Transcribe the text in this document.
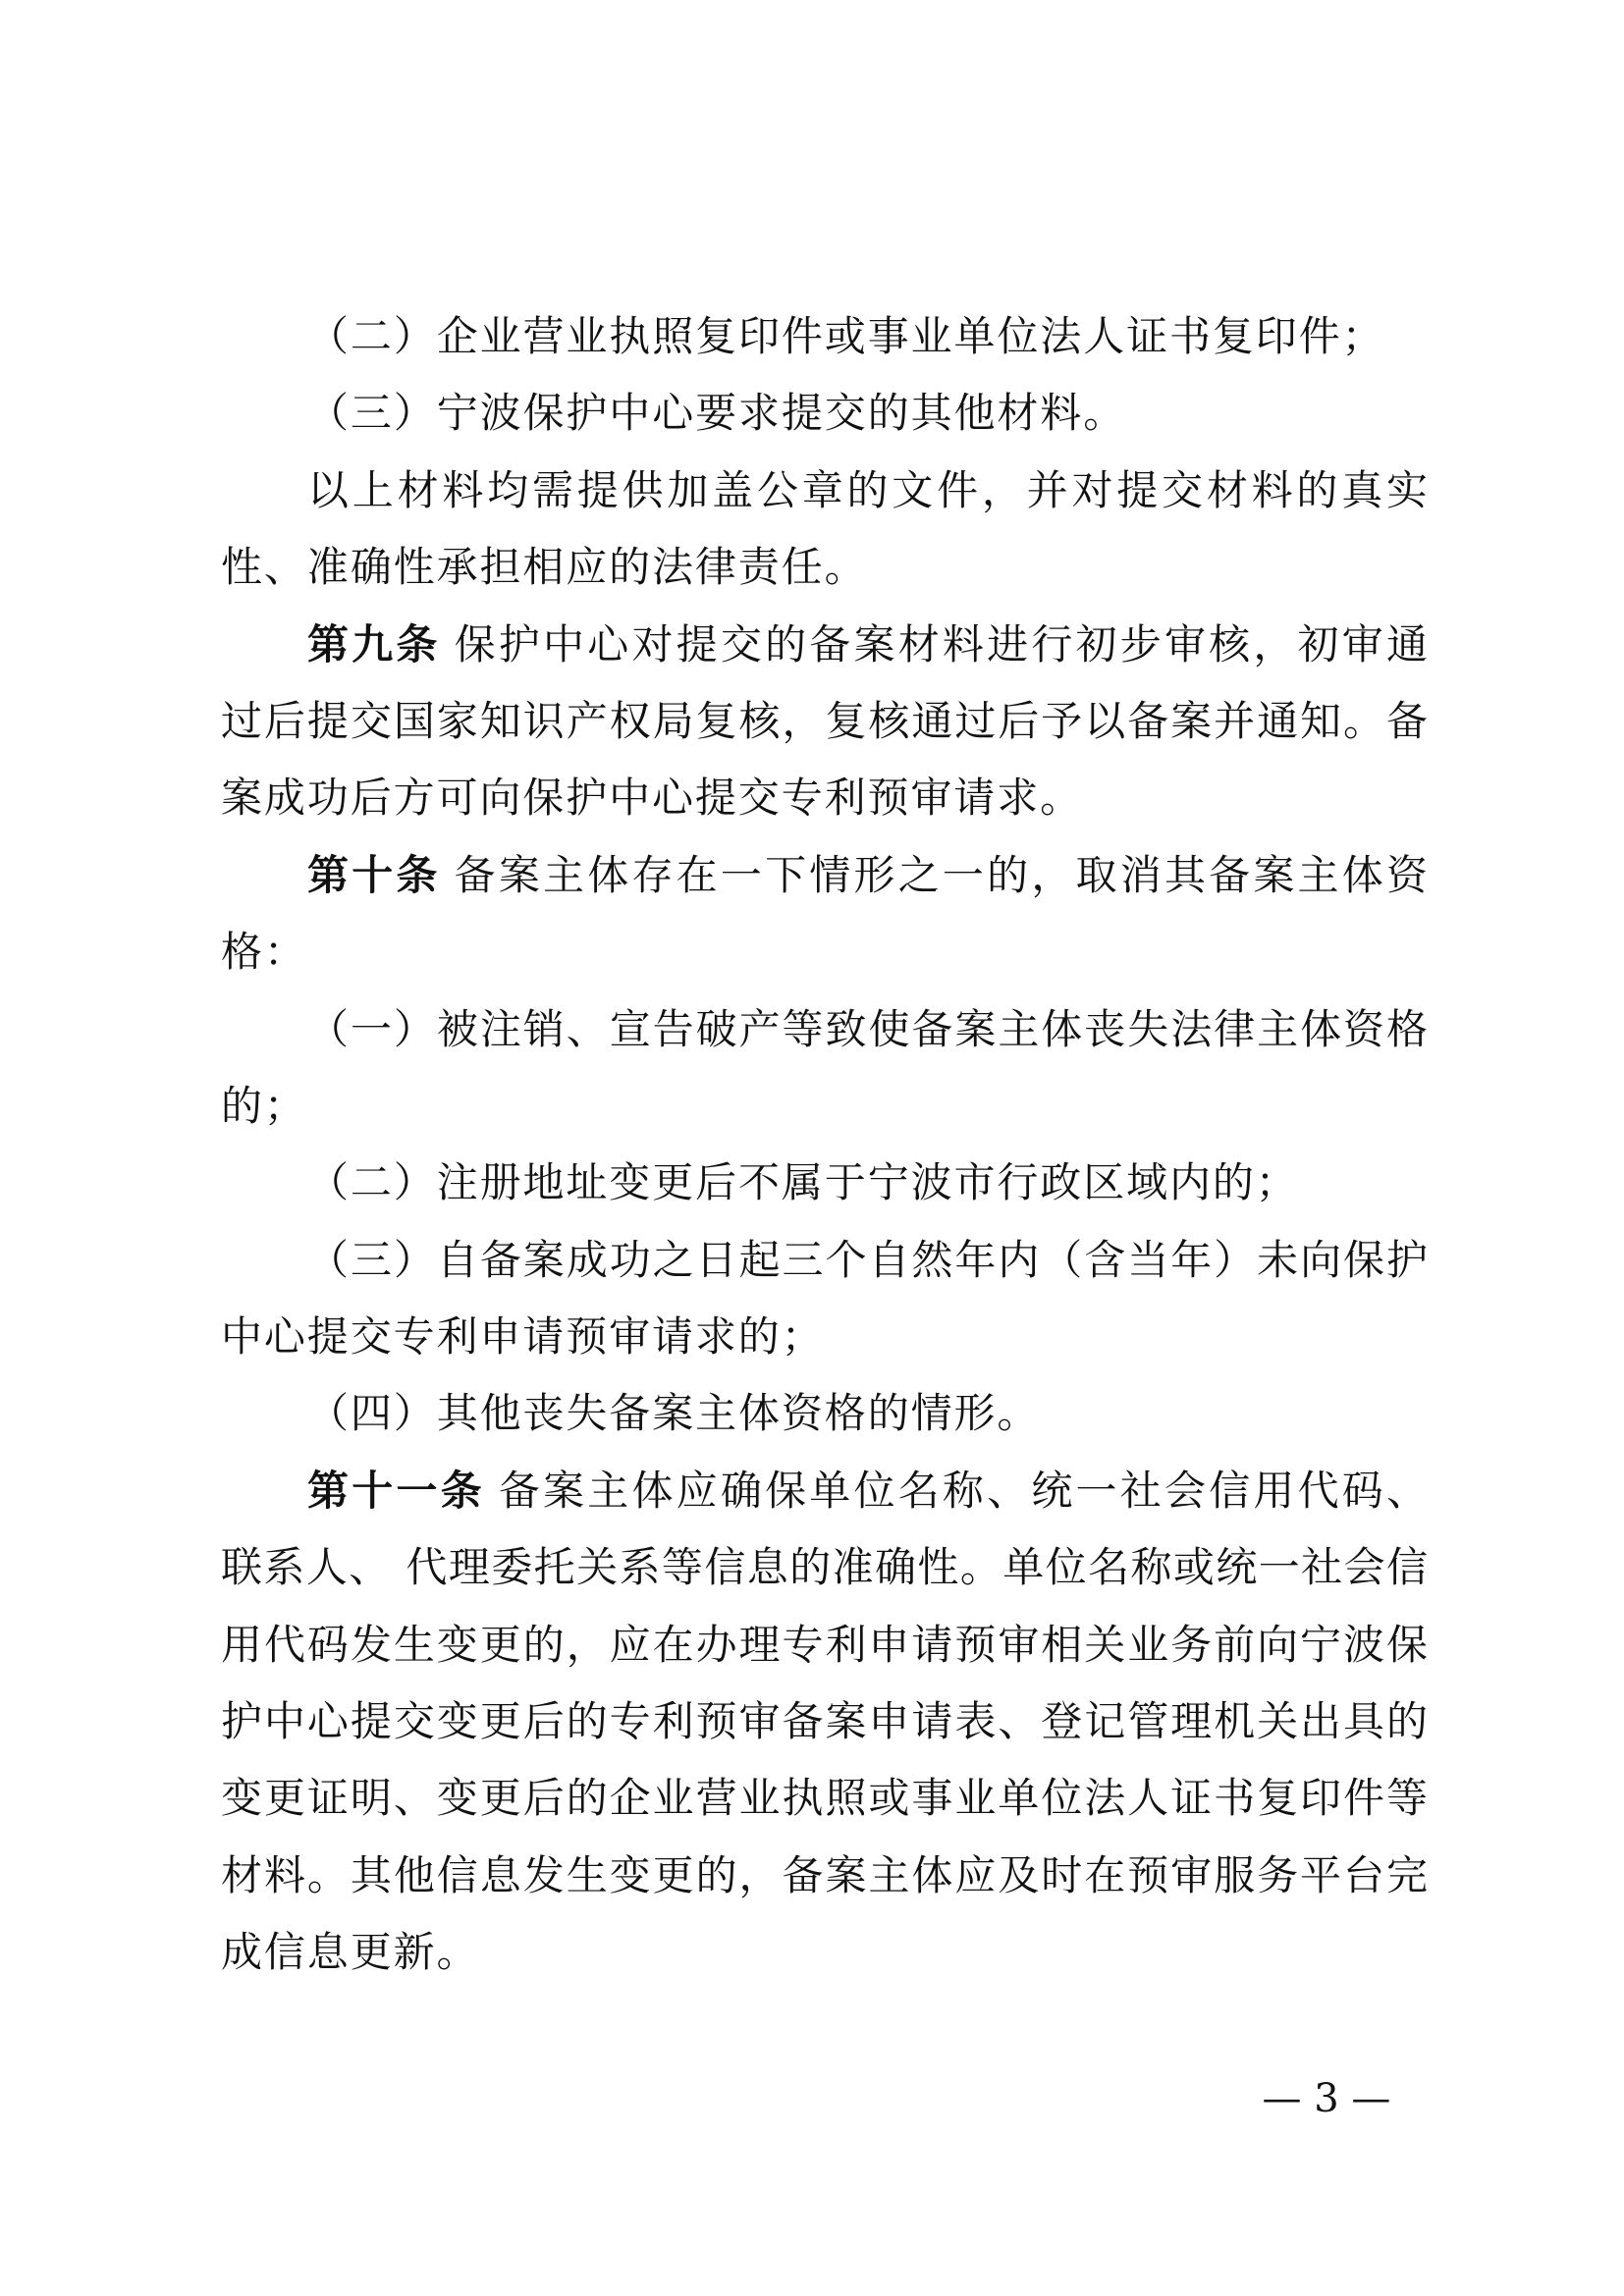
（二）企业营业执照复印件或事业单位法人证书复印件；
（三）宁波保护中心要求提交的其他材料。
以上材料均需提供加盖公章的文件，并对提交材料的真实
性、准确性承担相应的法律责任。
第九条 保护中心对提交的备案材料进行初步审核，初审通
过后提交国家知识产权局复核，复核通过后予以备案并通知。备
案成功后方可向保护中心提交专利预审请求。
第十条 备案主体存在一下情形之一的，取消其备案主体资
格：
（一）被注销、宣告破产等致使备案主体丧失法律主体资格
的；
（二）注册地址变更后不属于宁波市行政区域内的；
（三）自备案成功之日起三个自然年内（含当年）未向保护
中心提交专利申请预审请求的；
（四）其他丧失备案主体资格的情形。
第十一条 备案主体应确保单位名称、统一社会信用代码、
联系人、 代理委托关系等信息的准确性。单位名称或统一社会信
用代码发生变更的，应在办理专利申请预审相关业务前向宁波保
护中心提交变更后的专利预审备案申请表、登记管理机关出具的
变更证明、变更后的企业营业执照或事业单位法人证书复印件等
材料。其他信息发生变更的，备案主体应及时在预审服务平台完
成信息更新。
— 3 —
